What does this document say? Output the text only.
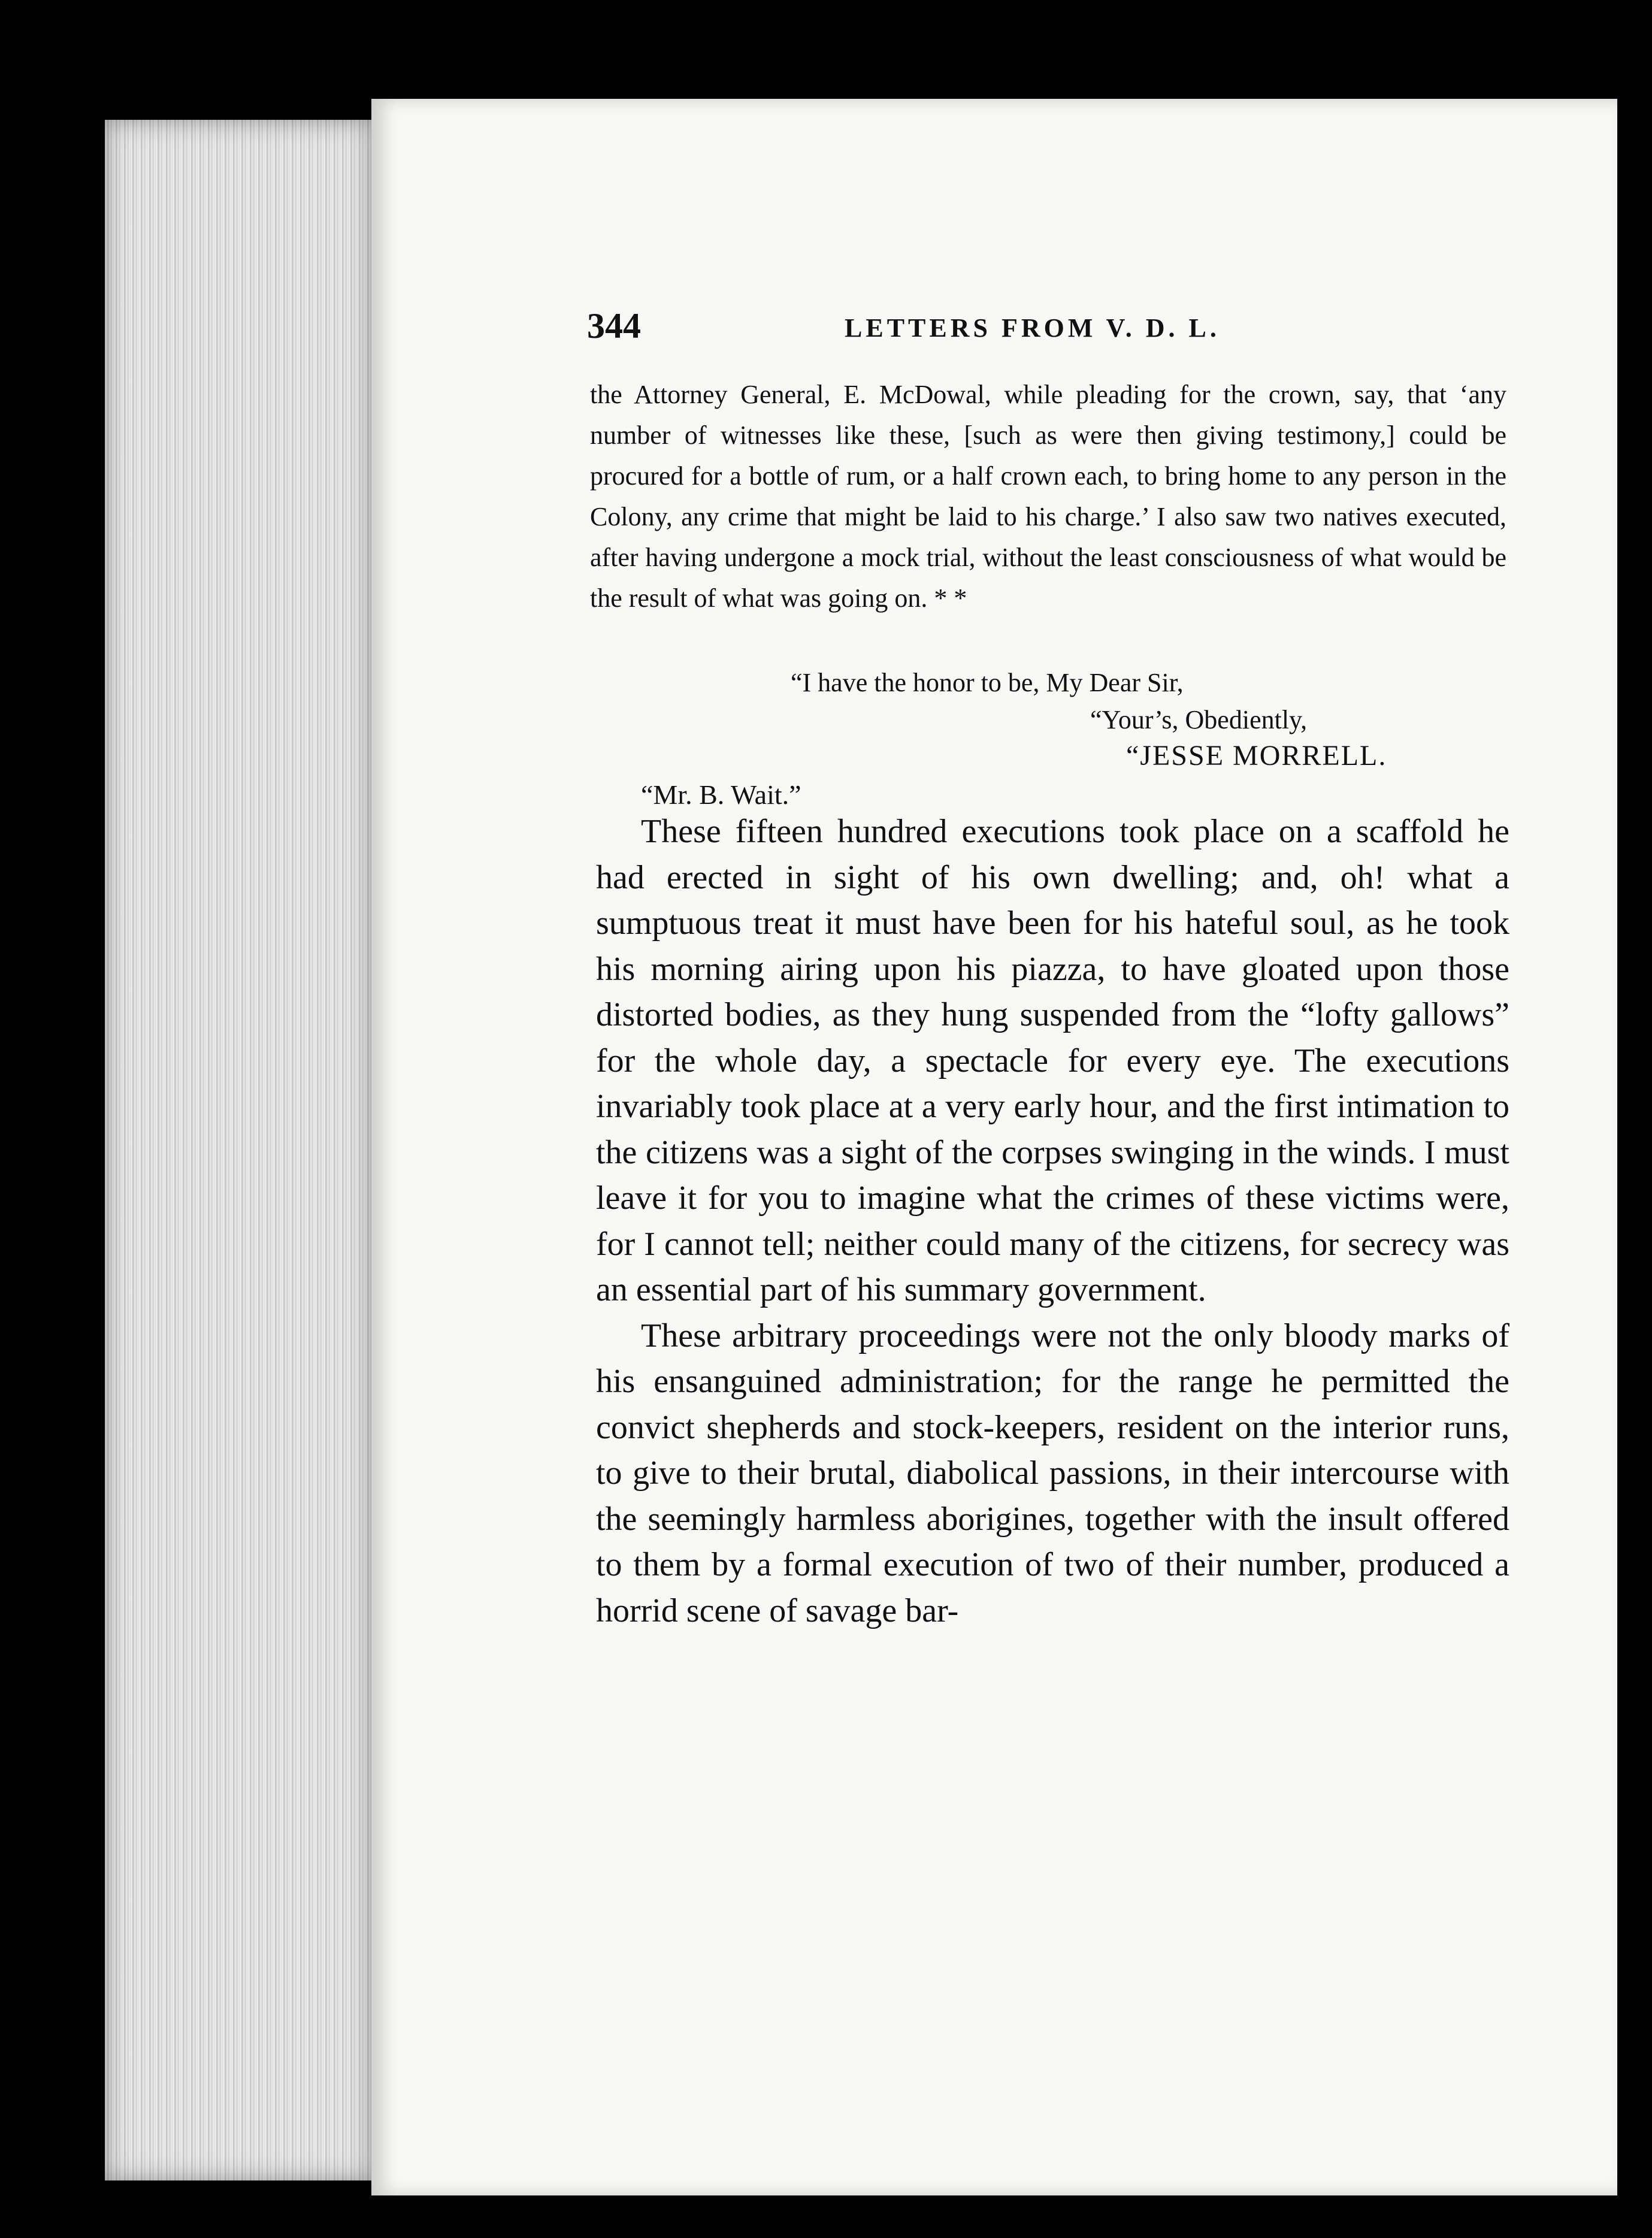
344	LETTERS FROM V. D. L.

the Attorney General, E. McDowal, while pleading for the crown, say, that ‘any number of witnesses like these, [such as were then giving testimony,] could be procured for a bottle of rum, or a half crown each, to bring home to any person in the Colony, any crime that might be laid to his charge.’ I also saw two natives executed, after having undergone a mock trial, without the least consciousness of what would be the result of what was going on. * *

“I have the honor to be, My Dear Sir,
“Your’s, Obediently,
“JESSE MORRELL.
“Mr. B. Wait.”

These fifteen hundred executions took place on a scaffold he had erected in sight of his own dwelling; and, oh! what a sumptuous treat it must have been for his hateful soul, as he took his morning airing upon his piazza, to have gloated upon those distorted bodies, as they hung suspended from the “lofty gallows” for the whole day, a spectacle for every eye. The executions invariably took place at a very early hour, and the first intimation to the citizens was a sight of the corpses swinging in the winds. I must leave it for you to imagine what the crimes of these victims were, for I cannot tell; neither could many of the citizens, for secrecy was an essential part of his summary government.

These arbitrary proceedings were not the only bloody marks of his ensanguined administration; for the range he permitted the convict shepherds and stock-keepers, resident on the interior runs, to give to their brutal, diabolical passions, in their intercourse with the seemingly harmless aborigines, together with the insult offered to them by a formal execution of two of their number, produced a horrid scene of savage bar-
